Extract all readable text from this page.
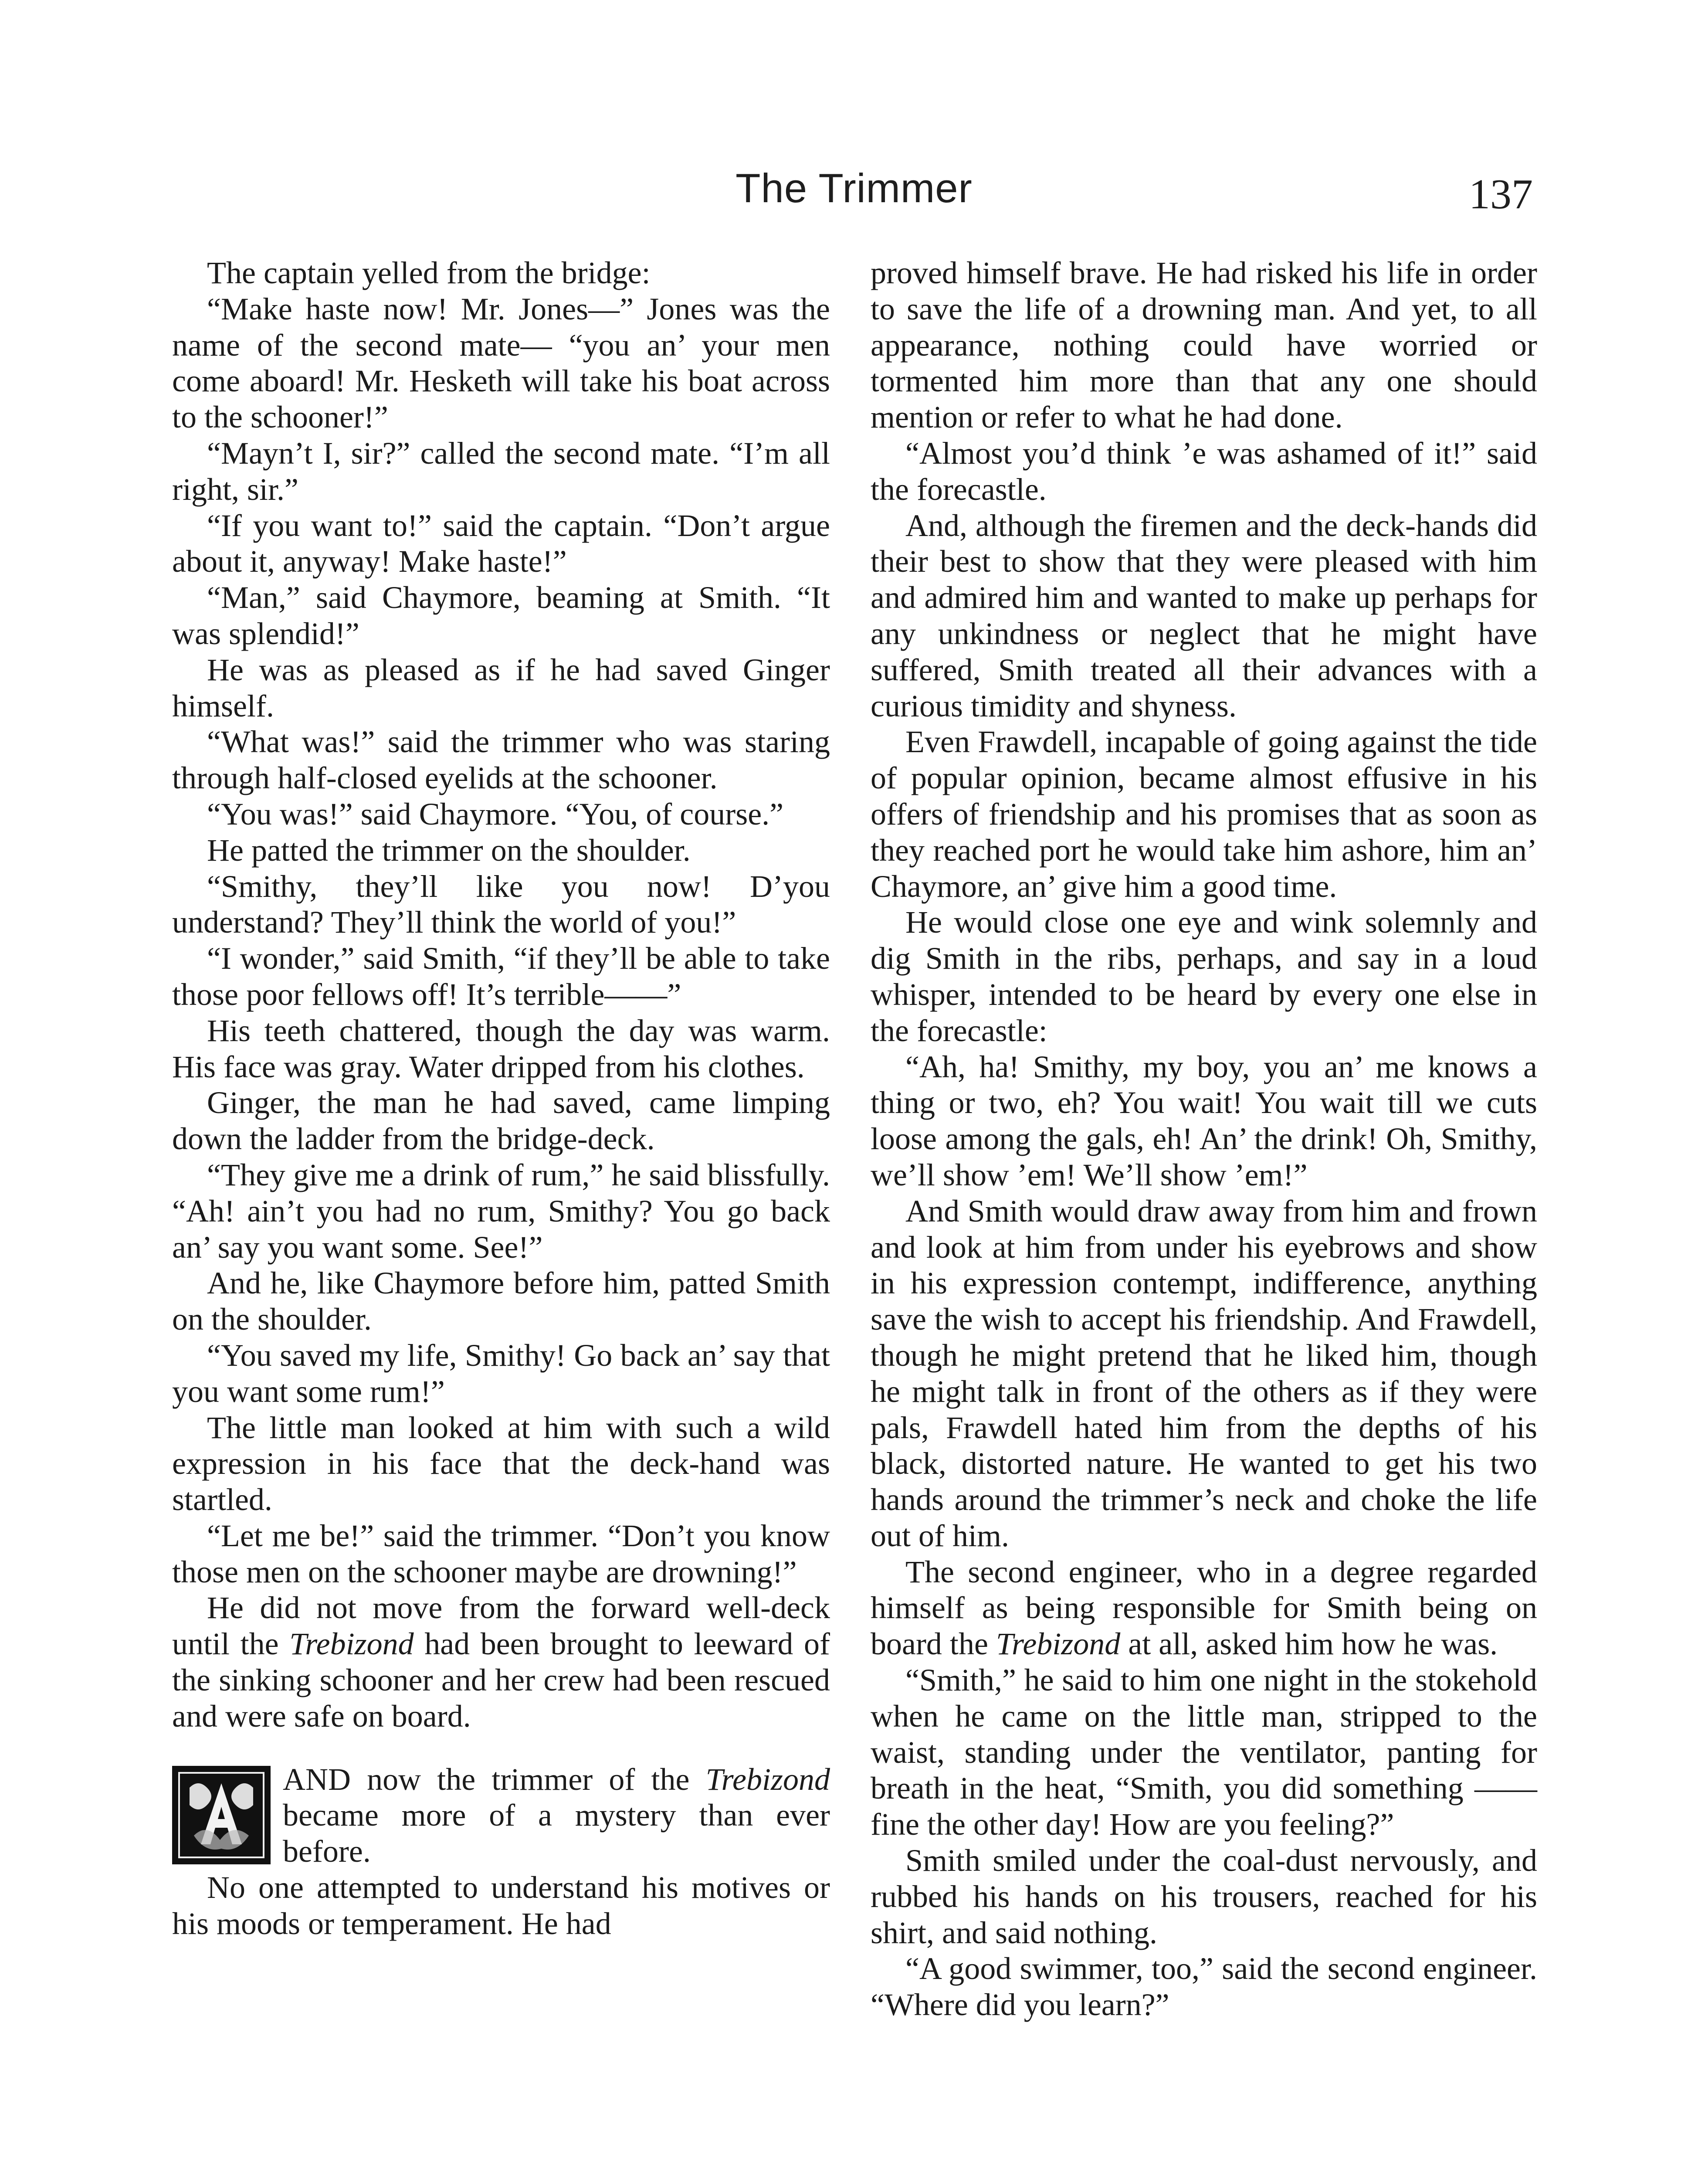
The Trimmer	137

The captain yelled from the bridge:

“Make haste now! Mr. Jones—” Jones was the name of the second mate— “you an’ your men come aboard! Mr. Hesketh will take his boat across to the schooner!”

“Mayn’t I, sir?” called the second mate. “I’m all right, sir.”

“If you want to!” said the captain. “Don’t argue about it, anyway! Make haste!”

“Man,” said Chaymore, beaming at Smith. “It was splendid!”

He was as pleased as if he had saved Ginger himself.

“What was!” said the trimmer who was staring through half-closed eyelids at the schooner.

“You was!” said Chaymore. “You, of course.”

He patted the trimmer on the shoulder.

“Smithy, they’ll like you now! D’you understand? They’ll think the world of you!”

“I wonder,” said Smith, “if they’ll be able to take those poor fellows off! It’s terrible——”

His teeth chattered, though the day was warm. His face was gray. Water dripped from his clothes.

Ginger, the man he had saved, came limping down the ladder from the bridge-deck.

“They give me a drink of rum,” he said blissfully. “Ah! ain’t you had no rum, Smithy? You go back an’ say you want some. See!”

And he, like Chaymore before him, patted Smith on the shoulder.

“You saved my life, Smithy! Go back an’ say that you want some rum!”

The little man looked at him with such a wild expression in his face that the deck-hand was startled.

“Let me be!” said the trimmer. “Don’t you know those men on the schooner maybe are drowning!”

He did not move from the forward well-deck until the Trebizond had been brought to leeward of the sinking schooner and her crew had been rescued and were safe on board.

AND now the trimmer of the Trebizond became more of a mystery than ever before.

No one attempted to understand his motives or his moods or temperament. He had

proved himself brave. He had risked his life in order to save the life of a drowning man. And yet, to all appearance, nothing could have worried or tormented him more than that any one should mention or refer to what he had done.

“Almost you’d think ’e was ashamed of it!” said the forecastle.

And, although the firemen and the deck-hands did their best to show that they were pleased with him and admired him and wanted to make up perhaps for any unkindness or neglect that he might have suffered, Smith treated all their advances with a curious timidity and shyness.

Even Frawdell, incapable of going against the tide of popular opinion, became almost effusive in his offers of friendship and his promises that as soon as they reached port he would take him ashore, him an’ Chaymore, an’ give him a good time.

He would close one eye and wink solemnly and dig Smith in the ribs, perhaps, and say in a loud whisper, intended to be heard by every one else in the forecastle:

“Ah, ha! Smithy, my boy, you an’ me knows a thing or two, eh? You wait! You wait till we cuts loose among the gals, eh! An’ the drink! Oh, Smithy, we’ll show ’em! We’ll show ’em!”

And Smith would draw away from him and frown and look at him from under his eyebrows and show in his expression contempt, indifference, anything save the wish to accept his friendship. And Frawdell, though he might pretend that he liked him, though he might talk in front of the others as if they were pals, Frawdell hated him from the depths of his black, distorted nature. He wanted to get his two hands around the trimmer’s neck and choke the life out of him.

The second engineer, who in a degree regarded himself as being responsible for Smith being on board the Trebizond at all, asked him how he was.

“Smith,” he said to him one night in the stokehold when he came on the little man, stripped to the waist, standing under the ventilator, panting for breath in the heat, “Smith, you did something —— fine the other day! How are you feeling?”

Smith smiled under the coal-dust nervously, and rubbed his hands on his trousers, reached for his shirt, and said nothing.

“A good swimmer, too,” said the second engineer. “Where did you learn?”
